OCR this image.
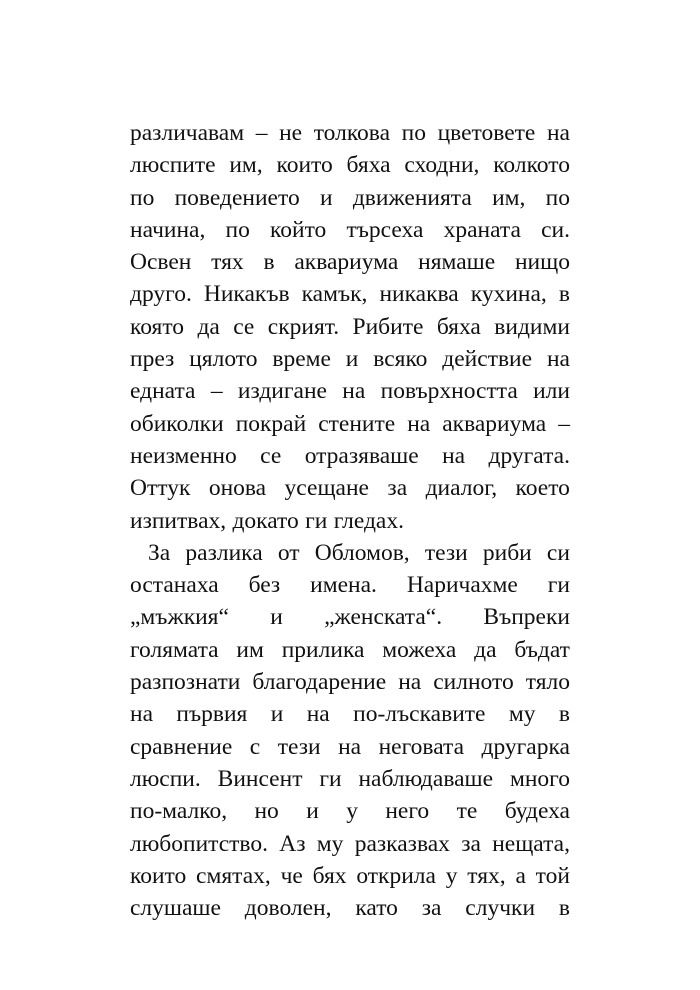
различавам – не толкова по цветовете на
люспите им, които бяха сходни, колкото
по поведението и движенията им, по
начина, по който търсеха храната си.
Освен тях в аквариума нямаше нищо
друго. Никакъв камък, никаква кухина, в
която да се скрият. Рибите бяха видими
през цялото време и всяко действие на
едната – издигане на повърхността или
обиколки покрай стените на аквариума –
неизменно се отразяваше на другата.
Оттук онова усещане за диалог, което
изпитвах, докато ги гледах.
За разлика от Обломов, тези риби си
останаха без имена. Наричахме ги
„мъжкия“ и „женската“. Въпреки
голямата им прилика можеха да бъдат
разпознати благодарение на силното тяло
на първия и на по-лъскавите му в
сравнение с тези на неговата другарка
люспи. Винсент ги наблюдаваше много
по-малко, но и у него те будеха
любопитство. Аз му разказвах за нещата,
които смятах, че бях открила у тях, а той
слушаше доволен, като за случки в
